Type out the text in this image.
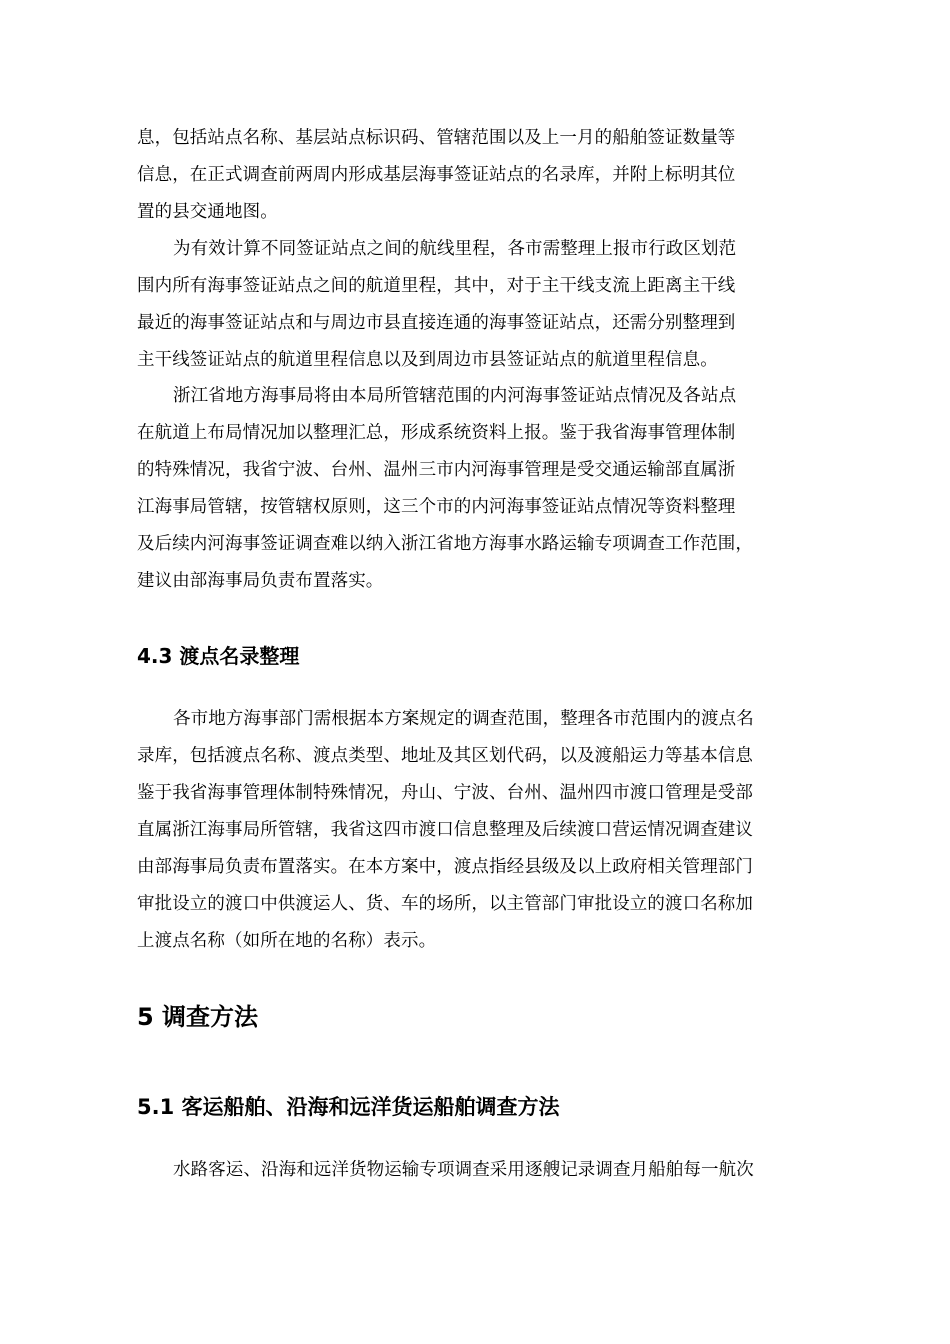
息，包括站点名称、基层站点标识码、管辖范围以及上一月的船舶签证数量等
信息，在正式调查前两周内形成基层海事签证站点的名录库，并附上标明其位
置的县交通地图。
为有效计算不同签证站点之间的航线里程，各市需整理上报市行政区划范
围内所有海事签证站点之间的航道里程，其中，对于主干线支流上距离主干线
最近的海事签证站点和与周边市县直接连通的海事签证站点，还需分别整理到
主干线签证站点的航道里程信息以及到周边市县签证站点的航道里程信息。
浙江省地方海事局将由本局所管辖范围的内河海事签证站点情况及各站点
在航道上布局情况加以整理汇总，形成系统资料上报。鉴于我省海事管理体制
的特殊情况，我省宁波、台州、温州三市内河海事管理是受交通运输部直属浙
江海事局管辖，按管辖权原则，这三个市的内河海事签证站点情况等资料整理
及后续内河海事签证调查难以纳入浙江省地方海事水路运输专项调查工作范围，
建议由部海事局负责布置落实。
4.3 渡点名录整理
各市地方海事部门需根据本方案规定的调查范围，整理各市范围内的渡点名
录库，包括渡点名称、渡点类型、地址及其区划代码，以及渡船运力等基本信息
鉴于我省海事管理体制特殊情况，舟山、宁波、台州、温州四市渡口管理是受部
直属浙江海事局所管辖，我省这四市渡口信息整理及后续渡口营运情况调查建议
由部海事局负责布置落实。在本方案中，渡点指经县级及以上政府相关管理部门
审批设立的渡口中供渡运人、货、车的场所，以主管部门审批设立的渡口名称加
上渡点名称（如所在地的名称）表示。
5 调查方法
5.1 客运船舶、沿海和远洋货运船舶调查方法
水路客运、沿海和远洋货物运输专项调查采用逐艘记录调查月船舶每一航次
